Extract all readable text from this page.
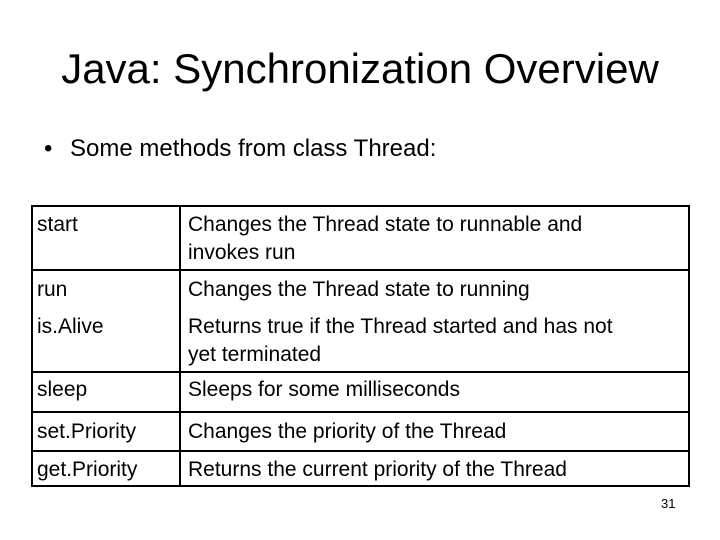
Java: Synchronization Overview
• Some methods from class Thread:
start	Changes the Thread state to runnable and
invokes run
run	Changes the Thread state to running
is.Alive	Returns true if the Thread started and has not
yet terminated
sleep	Sleeps for some milliseconds
set.Priority Changes the priority of the Thread
get.Priority Returns the current priority of the Thread
31
